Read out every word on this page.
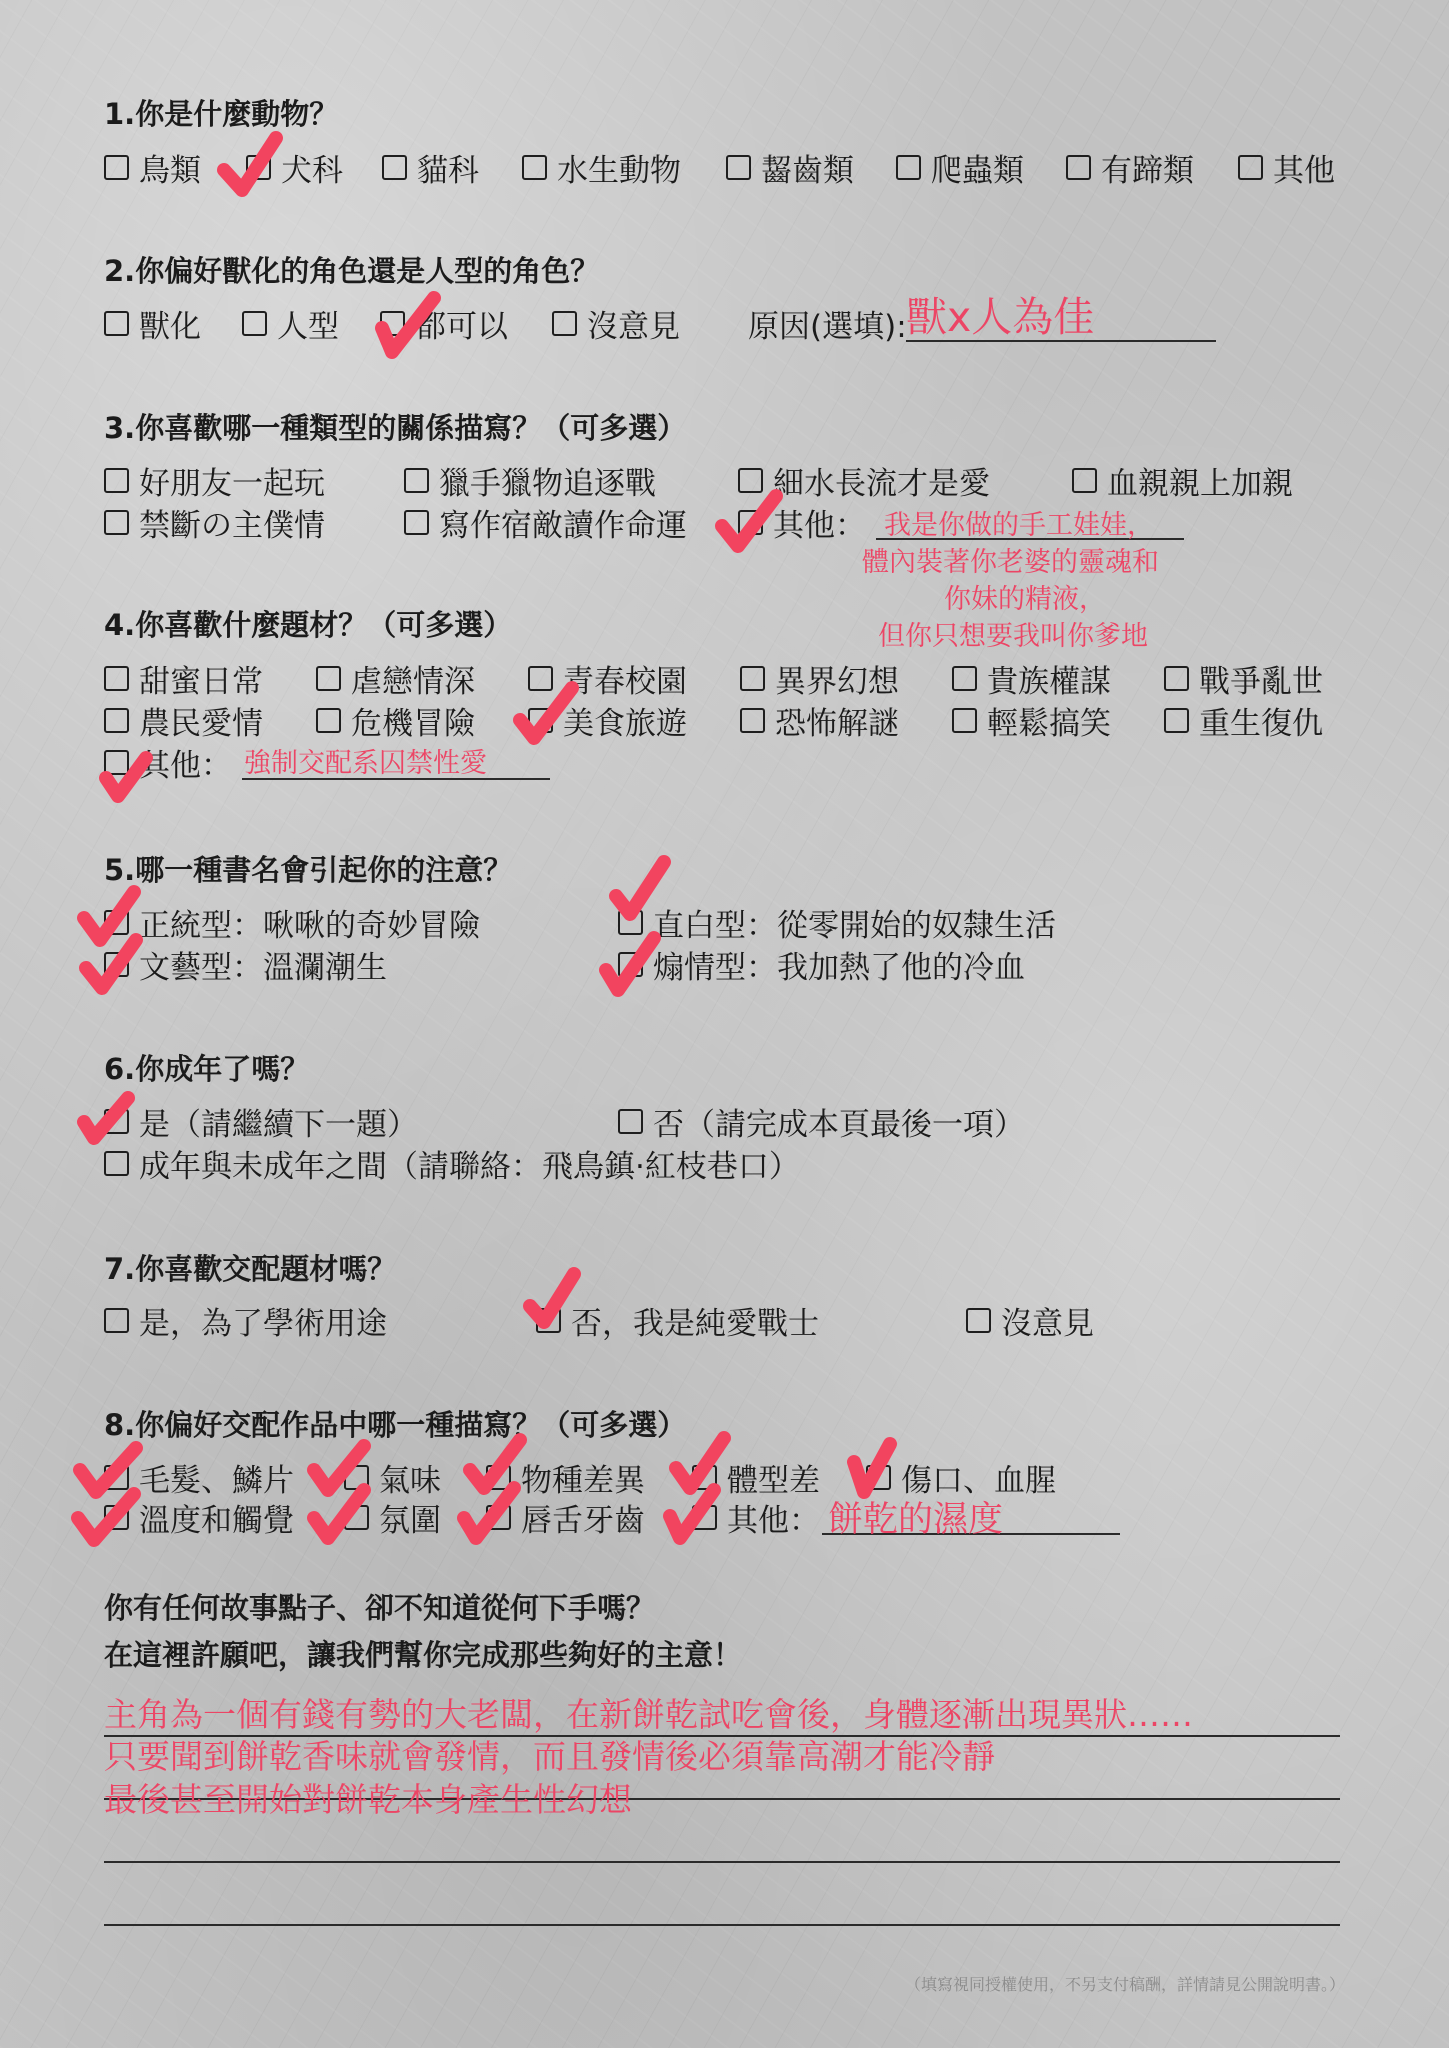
1.你是什麼動物？
鳥類	犬科 貓科	水生動物	齧齒類 爬蟲類 有蹄類	其他
2.你偏好獸化的角色還是人型的角色？
獸化 人型 都可以	沒意見 原因(選填): 獸x人為佳
3.你喜歡哪一種類型的關係描寫？（可多選）
好朋友一起玩	獵手獵物追逐戰	細水長流才是愛	血親親上加親
禁斷の主僕情	寫作宿敵讀作命運	其他： 我是你做的手工娃娃，
體內裝著你老婆的靈魂和
你妹的精液，
但你只想要我叫你爹地
4.你喜歡什麼題材？（可多選）
甜蜜日常	虐戀情深	青春校園	異界幻想	貴族權謀	戰爭亂世
農民愛情	危機冒險	美食旅遊	恐怖解謎	輕鬆搞笑	重生復仇
其他： 強制交配系囚禁性愛
5.哪一種書名會引起你的注意？
正統型：啾啾的奇妙冒險	直白型：從零開始的奴隸生活
文藝型：溫瀾潮生	煽情型：我加熱了他的冷血
6.你成年了嗎？
是（請繼續下一題）	否（請完成本頁最後一項）
成年與未成年之間（請聯絡：飛鳥鎮·紅枝巷口）
7.你喜歡交配題材嗎？
是，為了學術用途	否，我是純愛戰士	沒意見
8.你偏好交配作品中哪一種描寫？（可多選）
毛髮、鱗片	氣味	物種差異	體型差	傷口、血腥
溫度和觸覺	氛圍	唇舌牙齒	其他： 餅乾的濕度
你有任何故事點子、卻不知道從何下手嗎？
在這裡許願吧，讓我們幫你完成那些夠好的主意！
主角為一個有錢有勢的大老闆，在新餅乾試吃會後，身體逐漸出現異狀……
只要聞到餅乾香味就會發情，而且發情後必須靠高潮才能冷靜
最後甚至開始對餅乾本身產生性幻想
（填寫視同授權使用，不另支付稿酬，詳情請見公開說明書。）
